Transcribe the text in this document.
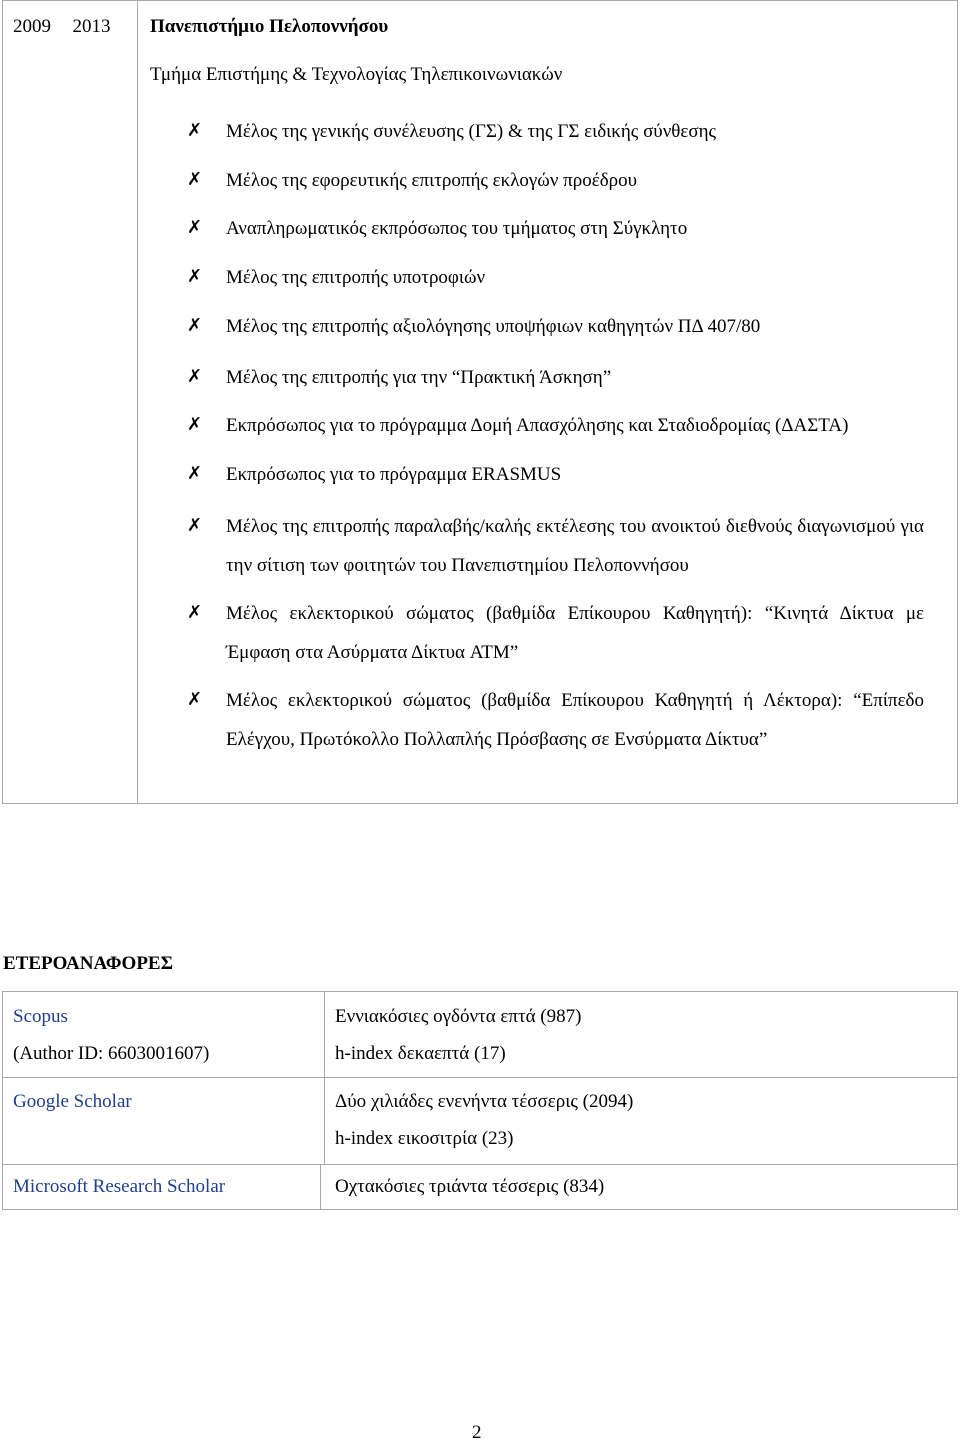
2009 2013 Πανεπιστήμιο Πελοποννήσου
Τμήμα Επιστήμης & Τεχνολογίας Τηλεπικοινωνιακών
✗ Μέλος της γενικής συνέλευσης (ΓΣ) & της ΓΣ ειδικής σύνθεσης
✗ Μέλος της εφορευτικής επιτροπής εκλογών προέδρου
✗ Αναπληρωματικός εκπρόσωπος του τμήματος στη Σύγκλητο
✗ Μέλος της επιτροπής υποτροφιών
✗ Μέλος της επιτροπής αξιολόγησης υποψήφιων καθηγητών ΠΔ 407/80
✗ Μέλος της επιτροπής για την “Πρακτική Άσκηση”
✗ Εκπρόσωπος για το πρόγραμμα Δομή Απασχόλησης και Σταδιοδρομίας (ΔΑΣΤΑ)
✗ Εκπρόσωπος για το πρόγραμμα ERASMUS
✗ Μέλος της επιτροπής παραλαβής/καλής εκτέλεσης του ανοικτού διεθνούς διαγωνισμού για την σίτιση των φοιτητών του Πανεπιστημίου Πελοποννήσου
✗ Μέλος εκλεκτορικού σώματος (βαθμίδα Επίκουρου Καθηγητή): “Κινητά Δίκτυα με Έμφαση στα Ασύρματα Δίκτυα ATM”
✗ Μέλος εκλεκτορικού σώματος (βαθμίδα Επίκουρου Καθηγητή ή Λέκτορα): “Επίπεδο Ελέγχου, Πρωτόκολλο Πολλαπλής Πρόσβασης σε Ενσύρματα Δίκτυα”
ΕΤΕΡΟΑΝΑΦΟΡΕΣ
Scopus
(Author ID: 6603001607)
Εννιακόσιες ογδόντα επτά (987)
h-index δεκαεπτά (17)
Google Scholar	Δύο χιλιάδες ενενήντα τέσσερις (2094)
h-index εικοσιτρία (23)
Microsoft Research Scholar	Οχτακόσιες τριάντα τέσσερις (834)
2
